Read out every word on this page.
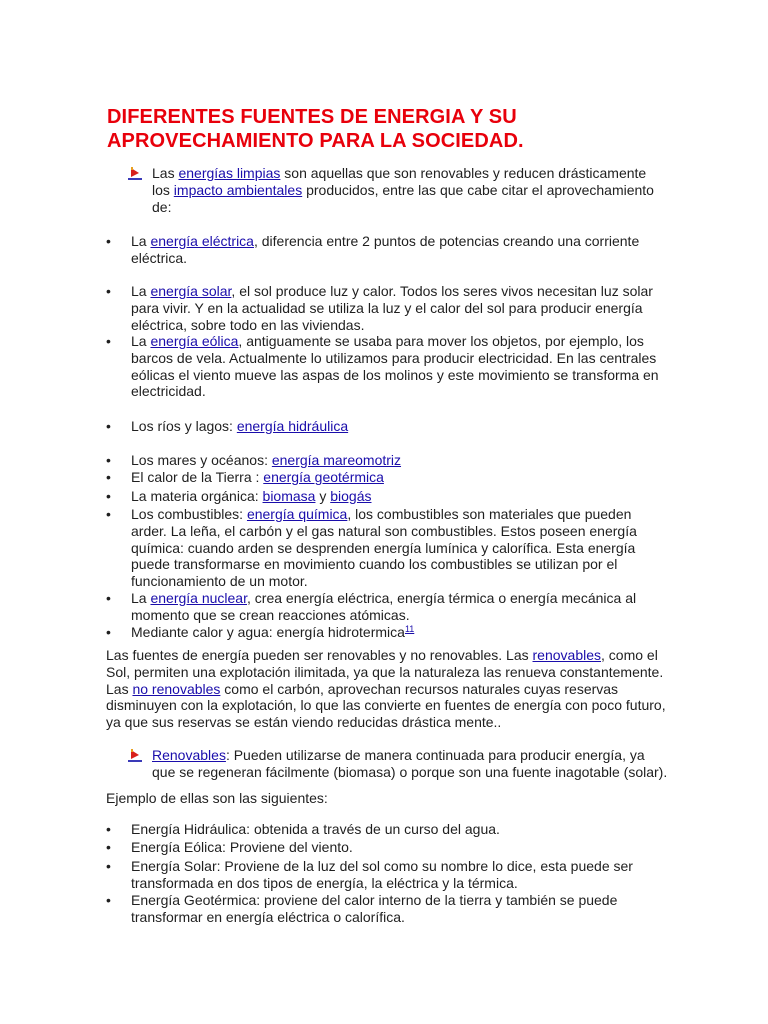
DIFERENTES FUENTES DE ENERGIA Y SU
APROVECHAMIENTO PARA LA SOCIEDAD.
Las energías limpias son aquellas que son renovables y reducen drásticamente
los impacto ambientales producidos, entre las que cabe citar el aprovechamiento
de:
• La energía eléctrica, diferencia entre 2 puntos de potencias creando una corriente
eléctrica.
• La energía solar, el sol produce luz y calor. Todos los seres vivos necesitan luz solar
para vivir. Y en la actualidad se utiliza la luz y el calor del sol para producir energía
eléctrica, sobre todo en las viviendas.
• La energía eólica, antiguamente se usaba para mover los objetos, por ejemplo, los
barcos de vela. Actualmente lo utilizamos para producir electricidad. En las centrales
eólicas el viento mueve las aspas de los molinos y este movimiento se transforma en
electricidad.
• Los ríos y lagos: energía hidráulica
• Los mares y océanos: energía mareomotriz
• El calor de la Tierra : energía geotérmica
• La materia orgánica: biomasa y biogás
• Los combustibles: energía química, los combustibles son materiales que pueden
arder. La leña, el carbón y el gas natural son combustibles. Estos poseen energía
química: cuando arden se desprenden energía lumínica y calorífica. Esta energía
puede transformarse en movimiento cuando los combustibles se utilizan por el
funcionamiento de un motor.
• La energía nuclear, crea energía eléctrica, energía térmica o energía mecánica al
momento que se crean reacciones atómicas.
• Mediante calor y agua: energía hidrotermica$^{11}$
Las fuentes de energía pueden ser renovables y no renovables. Las renovables, como el
Sol, permiten una explotación ilimitada, ya que la naturaleza las renueva constantemente.
Las no renovables como el carbón, aprovechan recursos naturales cuyas reservas
disminuyen con la explotación, lo que las convierte en fuentes de energía con poco futuro,
ya que sus reservas se están viendo reducidas drástica mente..
Renovables: Pueden utilizarse de manera continuada para producir energía, ya
que se regeneran fácilmente (biomasa) o porque son una fuente inagotable (solar).
Ejemplo de ellas son las siguientes:
• Energía Hidráulica: obtenida a través de un curso del agua.
• Energía Eólica: Proviene del viento.
• Energía Solar: Proviene de la luz del sol como su nombre lo dice, esta puede ser
transformada en dos tipos de energía, la eléctrica y la térmica.
• Energía Geotérmica: proviene del calor interno de la tierra y también se puede
transformar en energía eléctrica o calorífica.
